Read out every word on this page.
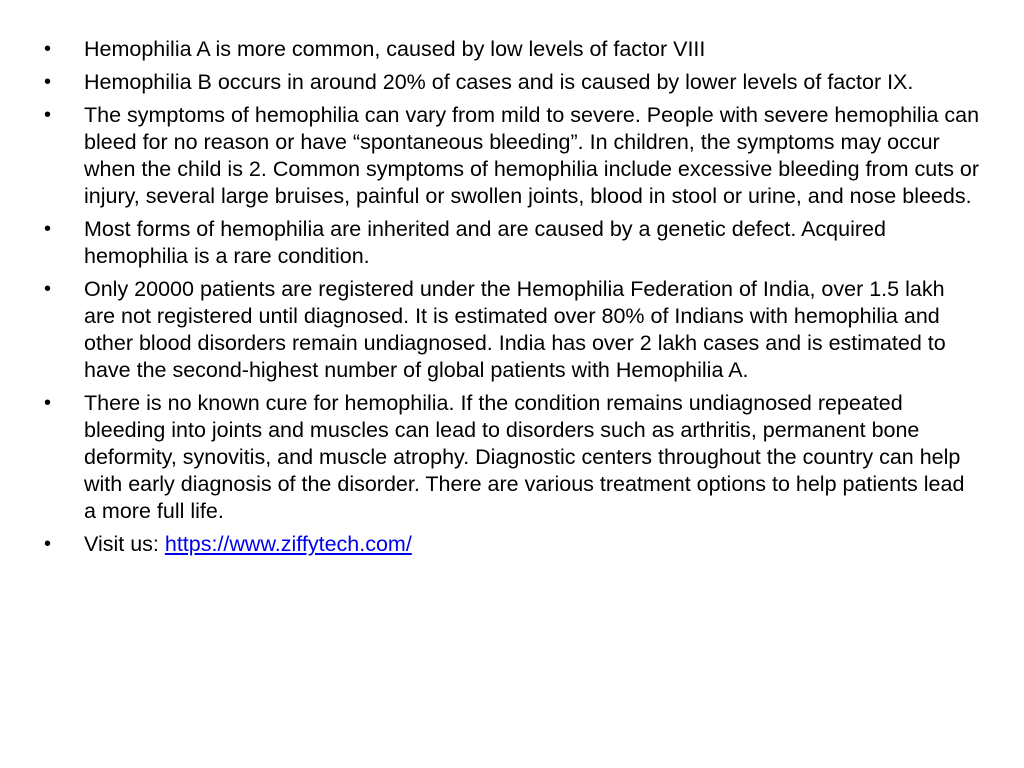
•	Hemophilia A is more common, caused by low levels of factor VIII
•	Hemophilia B occurs in around 20% of cases and is caused by lower levels of factor IX.
•	The symptoms of hemophilia can vary from mild to severe. People with severe hemophilia can bleed for no reason or have “spontaneous bleeding”. In children, the symptoms may occur when the child is 2. Common symptoms of hemophilia include excessive bleeding from cuts or injury, several large bruises, painful or swollen joints, blood in stool or urine, and nose bleeds.
•	Most forms of hemophilia are inherited and are caused by a genetic defect. Acquired hemophilia is a rare condition.
•	Only 20000 patients are registered under the Hemophilia Federation of India, over 1.5 lakh are not registered until diagnosed. It is estimated over 80% of Indians with hemophilia and other blood disorders remain undiagnosed. India has over 2 lakh cases and is estimated to have the second-highest number of global patients with Hemophilia A.
•	There is no known cure for hemophilia. If the condition remains undiagnosed repeated bleeding into joints and muscles can lead to disorders such as arthritis, permanent bone deformity, synovitis, and muscle atrophy. Diagnostic centers throughout the country can help with early diagnosis of the disorder. There are various treatment options to help patients lead a more full life.
•	Visit us: https://www.ziffytech.com/
